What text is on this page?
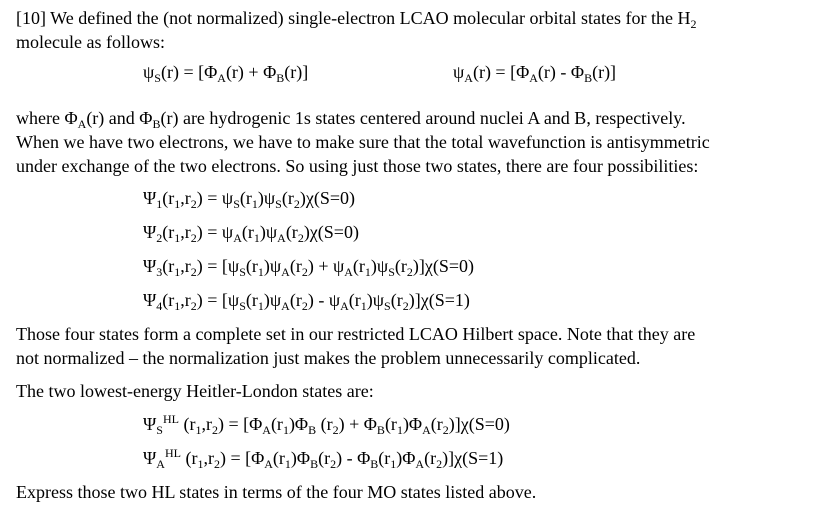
[10] We defined the (not normalized) single-electron LCAO molecular orbital states for the $H_2$
molecule as follows:
$\psi_S(r) = [\Phi_A(r) + \Phi_B(r)]$	$\psi_A(r) = [\Phi_A(r) - \Phi_B(r)]$
where $\Phi_A(r)$ and $\Phi_B(r)$ are hydrogenic 1s states centered around nuclei A and B, respectively.
When we have two electrons, we have to make sure that the total wavefunction is antisymmetric
under exchange of the two electrons. So using just those two states, there are four possibilities:
$\Psi_1(r_1,r_2) = \psi_S(r_1)\psi_S(r_2)\chi(S=0)$
$\Psi_2(r_1,r_2) = \psi_A(r_1)\psi_A(r_2)\chi(S=0)$
$\Psi_3(r_1,r_2) = [\psi_S(r_1)\psi_A(r_2) + \psi_A(r_1)\psi_S(r_2)]\chi(S=0)$
$\Psi_4(r_1,r_2) = [\psi_S(r_1)\psi_A(r_2) - \psi_A(r_1)\psi_S(r_2)]\chi(S=1)$
Those four states form a complete set in our restricted LCAO Hilbert space. Note that they are
not normalized – the normalization just makes the problem unnecessarily complicated.
The two lowest-energy Heitler-London states are:
$\Psi_S^{HL}$ $(r_1,r_2) = [\Phi_A(r_1)\Phi_B$ $(r_2) + \Phi_B(r_1)\Phi_A(r_2)]\chi(S=0)$
$\Psi_A^{HL}$ $(r_1,r_2) = [\Phi_A(r_1)\Phi_B(r_2) - \Phi_B(r_1)\Phi_A(r_2)]\chi(S=1)$
Express those two HL states in terms of the four MO states listed above.
